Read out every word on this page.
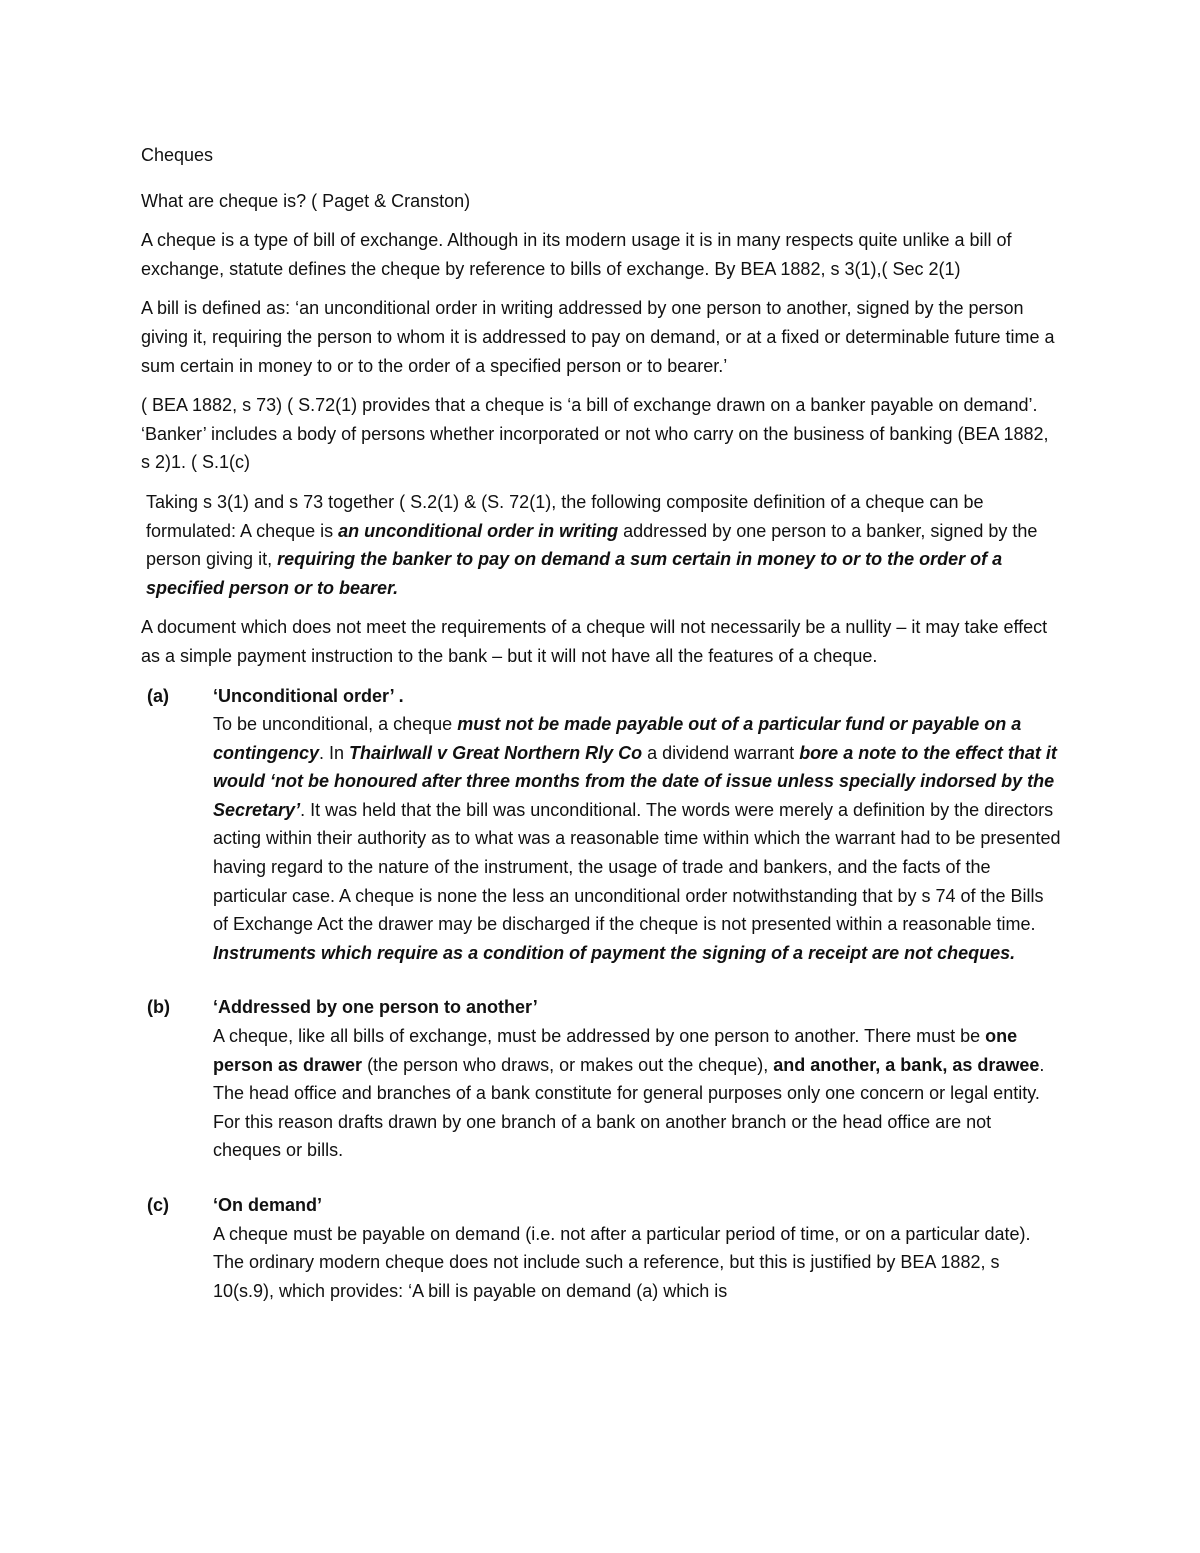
Cheques

What are cheque is? ( Paget & Cranston)

A cheque is a type of bill of exchange. Although in its modern usage it is in many respects quite unlike a bill of exchange, statute defines the cheque by reference to bills of exchange. By BEA 1882, s 3(1),( Sec 2(1)

A bill is defined as: ‘an unconditional order in writing addressed by one person to another, signed by the person giving it, requiring the person to whom it is addressed to pay on demand, or at a fixed or determinable future time a sum certain in money to or to the order of a specified person or to bearer.’

( BEA 1882, s 73) ( S.72(1) provides that a cheque is ‘a bill of exchange drawn on a banker payable on demand’. ‘Banker’ includes a body of persons whether incorporated or not who carry on the business of banking (BEA 1882, s 2)1. ( S.1(c)

Taking s 3(1) and s 73 together ( S.2(1) & (S. 72(1), the following composite definition of a cheque can be formulated: A cheque is an unconditional order in writing addressed by one person to a banker, signed by the person giving it, requiring the banker to pay on demand a sum certain in money to or to the order of a specified person or to bearer.

A document which does not meet the requirements of a cheque will not necessarily be a nullity – it may take effect as a simple payment instruction to the bank – but it will not have all the features of a cheque.

(a)	‘Unconditional order’ .
To be unconditional, a cheque must not be made payable out of a particular fund or payable on a contingency. In Thairlwall v Great Northern Rly Co a dividend warrant bore a note to the effect that it would ‘not be honoured after three months from the date of issue unless specially indorsed by the Secretary’. It was held that the bill was unconditional. The words were merely a definition by the directors acting within their authority as to what was a reasonable time within which the warrant had to be presented having regard to the nature of the instrument, the usage of trade and bankers, and the facts of the particular case. A cheque is none the less an unconditional order notwithstanding that by s 74 of the Bills of Exchange Act the drawer may be discharged if the cheque is not presented within a reasonable time. Instruments which require as a condition of payment the signing of a receipt are not cheques.
(b)	‘Addressed by one person to another’
A cheque, like all bills of exchange, must be addressed by one person to another. There must be one person as drawer (the person who draws, or makes out the cheque), and another, a bank, as drawee. The head office and branches of a bank constitute for general purposes only one concern or legal entity. For this reason drafts drawn by one branch of a bank on another branch or the head office are not cheques or bills.
(c)	‘On demand’
A cheque must be payable on demand (i.e. not after a particular period of time, or on a particular date). The ordinary modern cheque does not include such a reference, but this is justified by BEA 1882, s 10(s.9), which provides: ‘A bill is payable on demand (a) which is
